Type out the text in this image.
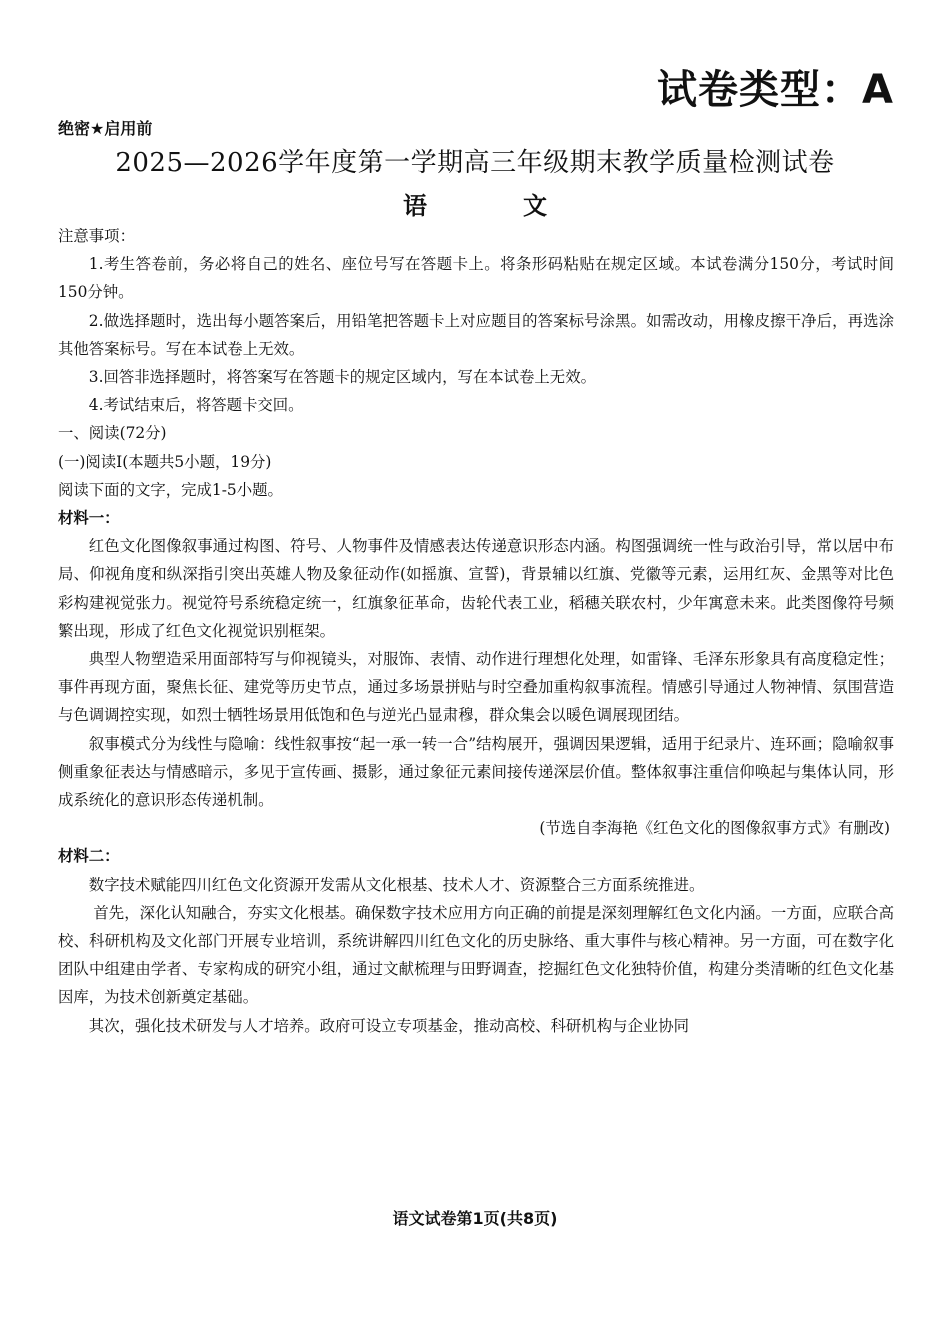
试卷类型：A
绝密★启用前
2025—2026学年度第一学期高三年级期末教学质量检测试卷
语	文

注意事项：

1.考生答卷前，务必将自己的姓名、座位号写在答题卡上。将条形码粘贴在规定区域。本试卷满分150分，考试时间150分钟。

2.做选择题时，选出每小题答案后，用铅笔把答题卡上对应题目的答案标号涂黑。如需改动，用橡皮擦干净后，再选涂其他答案标号。写在本试卷上无效。

3.回答非选择题时，将答案写在答题卡的规定区域内，写在本试卷上无效。

4.考试结束后，将答题卡交回。

一、阅读(72分)

(一)阅读Ⅰ(本题共5小题，19分)

阅读下面的文字，完成1-5小题。

材料一：

红色文化图像叙事通过构图、符号、人物事件及情感表达传递意识形态内涵。构图强调统一性与政治引导，常以居中布局、仰视角度和纵深指引突出英雄人物及象征动作(如摇旗、宣誓)，背景辅以红旗、党徽等元素，运用红灰、金黑等对比色彩构建视觉张力。视觉符号系统稳定统一，红旗象征革命，齿轮代表工业，稻穗关联农村，少年寓意未来。此类图像符号频繁出现，形成了红色文化视觉识别框架。

典型人物塑造采用面部特写与仰视镜头，对服饰、表情、动作进行理想化处理，如雷锋、毛泽东形象具有高度稳定性；事件再现方面，聚焦长征、建党等历史节点，通过多场景拼贴与时空叠加重构叙事流程。情感引导通过人物神情、氛围营造与色调调控实现，如烈士牺牲场景用低饱和色与逆光凸显肃穆，群众集会以暖色调展现团结。

叙事模式分为线性与隐喻：线性叙事按“起一承一转一合”结构展开，强调因果逻辑，适用于纪录片、连环画；隐喻叙事侧重象征表达与情感暗示，多见于宣传画、摄影，通过象征元素间接传递深层价值。整体叙事注重信仰唤起与集体认同，形成系统化的意识形态传递机制。

(节选自李海艳《红色文化的图像叙事方式》有删改)

材料二：

数字技术赋能四川红色文化资源开发需从文化根基、技术人才、资源整合三方面系统推进。

首先，深化认知融合，夯实文化根基。确保数字技术应用方向正确的前提是深刻理解红色文化内涵。一方面，应联合高校、科研机构及文化部门开展专业培训，系统讲解四川红色文化的历史脉络、重大事件与核心精神。另一方面，可在数字化团队中组建由学者、专家构成的研究小组，通过文献梳理与田野调查，挖掘红色文化独特价值，构建分类清晰的红色文化基因库，为技术创新奠定基础。

其次，强化技术研发与人才培养。政府可设立专项基金，推动高校、科研机构与企业协同

语文试卷第1页(共8页)
